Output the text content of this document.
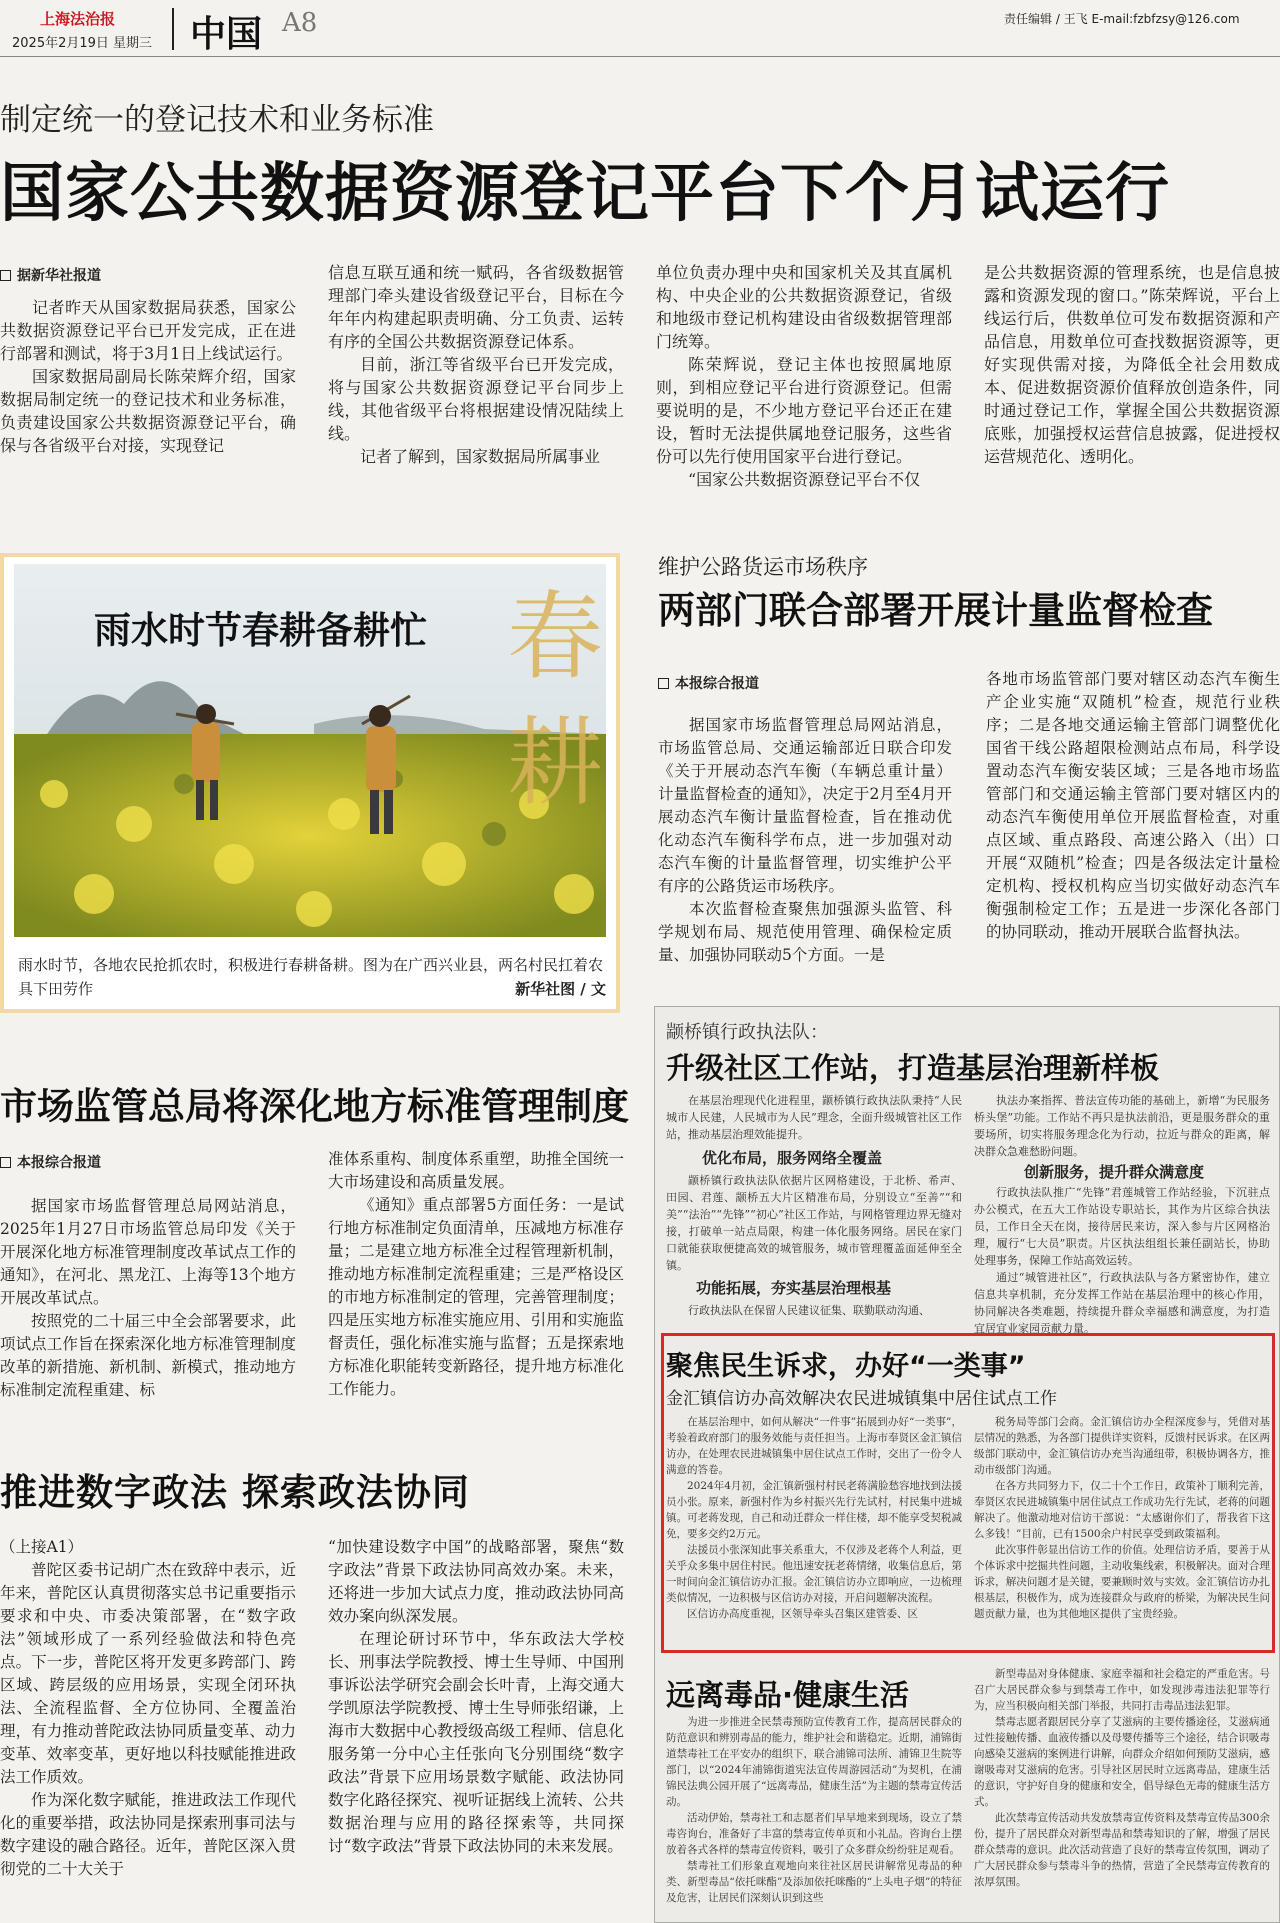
上海法治报
2025年2月19日 星期三 中国 A8	责任编辑 / 王飞 E-mail:fzbfzsy@126.com
制定统一的登记技术和业务标准
国家公共数据资源登记平台下个月试运行
据新华社报道

记者昨天从国家数据局获悉，国家公共数据资源登记平台已开发完成，正在进行部署和测试，将于3月1日上线试运行。

国家数据局副局长陈荣辉介绍，国家数据局制定统一的登记技术和业务标准，负责建设国家公共数据资源登记平台，确保与各省级平台对接，实现登记

信息互联互通和统一赋码，各省级数据管理部门牵头建设省级登记平台，目标在今年年内构建起职责明确、分工负责、运转有序的全国公共数据资源登记体系。

目前，浙江等省级平台已开发完成，将与国家公共数据资源登记平台同步上线，其他省级平台将根据建设情况陆续上线。

记者了解到，国家数据局所属事业

单位负责办理中央和国家机关及其直属机构、中央企业的公共数据资源登记，省级和地级市登记机构建设由省级数据管理部门统筹。

陈荣辉说，登记主体也按照属地原则，到相应登记平台进行资源登记。但需要说明的是，不少地方登记平台还正在建设，暂时无法提供属地登记服务，这些省份可以先行使用国家平台进行登记。

“国家公共数据资源登记平台不仅

是公共数据资源的管理系统，也是信息披露和资源发现的窗口。”陈荣辉说，平台上线运行后，供数单位可发布数据资源和产品信息，用数单位可查找数据资源等，更好实现供需对接，为降低全社会用数成本、促进数据资源价值释放创造条件，同时通过登记工作，掌握全国公共数据资源底账，加强授权运营信息披露，促进授权运营规范化、透明化。

雨水时节春耕备耕忙 春耕
雨水时节，各地农民抢抓农时，积极进行春耕备耕。图为在广西兴业县，两名村民扛着农具下田劳作	新华社图 / 文
维护公路货运市场秩序
两部门联合部署开展计量监督检查
本报综合报道

据国家市场监督管理总局网站消息，市场监管总局、交通运输部近日联合印发《关于开展动态汽车衡（车辆总重计量）计量监督检查的通知》，决定于2月至4月开展动态汽车衡计量监督检查，旨在推动优化动态汽车衡科学布点，进一步加强对动态汽车衡的计量监督管理，切实维护公平有序的公路货运市场秩序。

本次监督检查聚焦加强源头监管、科学规划布局、规范使用管理、确保检定质量、加强协同联动5个方面。一是

各地市场监管部门要对辖区动态汽车衡生产企业实施“双随机”检查，规范行业秩序；二是各地交通运输主管部门调整优化国省干线公路超限检测站点布局，科学设置动态汽车衡安装区域；三是各地市场监管部门和交通运输主管部门要对辖区内的动态汽车衡使用单位开展监督检查，对重点区域、重点路段、高速公路入（出）口开展“双随机”检查；四是各级法定计量检定机构、授权机构应当切实做好动态汽车衡强制检定工作；五是进一步深化各部门的协同联动，推动开展联合监督执法。

市场监管总局将深化地方标准管理制度
本报综合报道

据国家市场监督管理总局网站消息，2025年1月27日市场监管总局印发《关于开展深化地方标准管理制度改革试点工作的通知》，在河北、黑龙江、上海等13个地方开展改革试点。

按照党的二十届三中全会部署要求，此项试点工作旨在探索深化地方标准管理制度改革的新措施、新机制、新模式，推动地方标准制定流程重建、标

准体系重构、制度体系重塑，助推全国统一大市场建设和高质量发展。

《通知》重点部署5方面任务：一是试行地方标准制定负面清单，压减地方标准存量；二是建立地方标准全过程管理新机制，推动地方标准制定流程重建；三是严格设区的市地方标准制定的管理，完善管理制度；四是压实地方标准实施应用、引用和实施监督责任，强化标准实施与监督；五是探索地方标准化职能转变新路径，提升地方标准化工作能力。

推进数字政法 探索政法协同

（上接A1）

普陀区委书记胡广杰在致辞中表示，近年来，普陀区认真贯彻落实总书记重要指示要求和中央、市委决策部署，在“数字政法”领域形成了一系列经验做法和特色亮点。下一步，普陀区将开发更多跨部门、跨区域、跨层级的应用场景，实现全闭环执法、全流程监督、全方位协同、全覆盖治理，有力推动普陀政法协同质量变革、动力变革、效率变革，更好地以科技赋能推进政法工作质效。

作为深化数字赋能，推进政法工作现代化的重要举措，政法协同是探索刑事司法与数字建设的融合路径。近年，普陀区深入贯彻党的二十大关于

“加快建设数字中国”的战略部署，聚焦“数字政法”背景下政法协同高效办案。未来，还将进一步加大试点力度，推动政法协同高效办案向纵深发展。

在理论研讨环节中，华东政法大学校长、刑事法学院教授、博士生导师、中国刑事诉讼法学研究会副会长叶青，上海交通大学凯原法学院教授、博士生导师张绍谦，上海市大数据中心教授级高级工程师、信息化服务第一分中心主任张向飞分别围绕“数字政法”背景下应用场景数字赋能、政法协同数字化路径探究、视听证据线上流转、公共数据治理与应用的路径探索等，共同探讨“数字政法”背景下政法协同的未来发展。

颛桥镇行政执法队：
升级社区工作站，打造基层治理新样板

在基层治理现代化进程里，颛桥镇行政执法队秉持“人民城市人民建，人民城市为人民”理念，全面升级城管社区工作站，推动基层治理效能提升。

优化布局，服务网络全覆盖

颛桥镇行政执法队依据片区网格建设，于北桥、希声、田园、君莲、颛桥五大片区精准布局，分别设立“至善”“和美”“法治”“先锋”“初心”社区工作站，与网格管理边界无缝对接，打破单一站点局限，构建一体化服务网络。居民在家门口就能获取便捷高效的城管服务，城市管理覆盖面延伸至全镇。

功能拓展，夯实基层治理根基

行政执法队在保留人民建议征集、联勤联动沟通、

执法办案指挥、普法宣传功能的基础上，新增“为民服务桥头堡”功能。工作站不再只是执法前沿，更是服务群众的重要场所，切实将服务理念化为行动，拉近与群众的距离，解决群众急难愁盼问题。

创新服务，提升群众满意度

行政执法队推广“先锋”君莲城管工作站经验，下沉驻点办公模式，在五大工作站设专职站长，其作为片区综合执法员，工作日全天在岗，接待居民来访，深入参与片区网格治理，履行“七大员”职责。片区执法组组长兼任副站长，协助处理事务，保障工作站高效运转。

通过“城管进社区”，行政执法队与各方紧密协作，建立信息共享机制，充分发挥工作站在基层治理中的核心作用，协同解决各类难题，持续提升群众幸福感和满意度，为打造宜居宜业家园贡献力量。

聚焦民生诉求，办好“一类事”
金汇镇信访办高效解决农民进城镇集中居住试点工作

在基层治理中，如何从解决“一件事”拓展到办好“一类事”，考验着政府部门的服务效能与责任担当。上海市奉贤区金汇镇信访办，在处理农民进城镇集中居住试点工作时，交出了一份令人满意的答卷。

2024年4月初，金汇镇新强村村民老蒋满脸愁容地找到法援员小张。原来，新强村作为乡村振兴先行先试村，村民集中进城镇。可老蒋发现，自己和动迁群众一样住楼，却不能享受契税减免，要多交约2万元。

法援员小张深知此事关系重大，不仅涉及老蒋个人利益，更关乎众多集中居住村民。他迅速安抚老蒋情绪，收集信息后，第一时间向金汇镇信访办汇报。金汇镇信访办立即响应，一边梳理类似情况，一边积极与区信访办对接，开启问题解决流程。

区信访办高度重视，区领导牵头召集区建管委、区

税务局等部门会商。金汇镇信访办全程深度参与，凭借对基层情况的熟悉，为各部门提供详实资料，反馈村民诉求。在区两级部门联动中，金汇镇信访办充当沟通纽带，积极协调各方，推动市级部门沟通。

在各方共同努力下，仅二十个工作日，政策补丁顺利完善，奉贤区农民进城镇集中居住试点工作成功先行先试，老蒋的问题解决了。他激动地对信访干部说：“太感谢你们了，帮我省下这么多钱！”目前，已有1500余户村民享受到政策福利。

此次事件彰显出信访工作的价值。处理信访矛盾，要善于从个体诉求中挖掘共性问题，主动收集线索，积极解决。面对合理诉求，解决问题才是关键，要兼顾时效与实效。金汇镇信访办扎根基层，积极作为，成为连接群众与政府的桥梁，为解决民生问题贡献力量，也为其他地区提供了宝贵经验。

远离毒品·健康生活

为进一步推进全民禁毒预防宣传教育工作，提高居民群众的防范意识和辨别毒品的能力，维护社会和谐稳定。近期，浦锦街道禁毒社工在平安办的组织下，联合浦锦司法所、浦锦卫生院等部门，以“2024年浦锦街道宪法宣传周游园活动”为契机，在浦锦民法典公园开展了“远离毒品，健康生活”为主题的禁毒宣传活动。

活动伊始，禁毒社工和志愿者们早早地来到现场，设立了禁毒咨询台，准备好了丰富的禁毒宣传单页和小礼品。咨询台上摆放着各式各样的禁毒宣传资料，吸引了众多群众纷纷驻足观看。

禁毒社工们形象直观地向来往社区居民讲解常见毒品的种类、新型毒品“依托咪酯”及添加依托咪酯的“上头电子烟”的特征及危害，让居民们深刻认识到这些

新型毒品对身体健康、家庭幸福和社会稳定的严重危害。号召广大居民群众参与到禁毒工作中，如发现涉毒违法犯罪等行为，应当积极向相关部门举报，共同打击毒品违法犯罪。

禁毒志愿者跟居民分享了艾滋病的主要传播途径，艾滋病通过性接触传播、血液传播以及母婴传播等三个途径，结合识吸毒向感染艾滋病的案例进行讲解，向群众介绍如何预防艾滋病，感谢吸毒对艾滋病的危害。引导社区居民时立远离毒品，建康生活的意识，守护好自身的健康和安全，倡导绿色无毒的健康生活方式。

此次禁毒宣传活动共发放禁毒宣传资料及禁毒宣传品300余份，提升了居民群众对新型毒品和禁毒知识的了解，增强了居民群众禁毒的意识。此次活动营造了良好的禁毒宣传氛围，调动了广大居民群众参与禁毒斗争的热情，营造了全民禁毒宣传教育的浓厚氛围。
